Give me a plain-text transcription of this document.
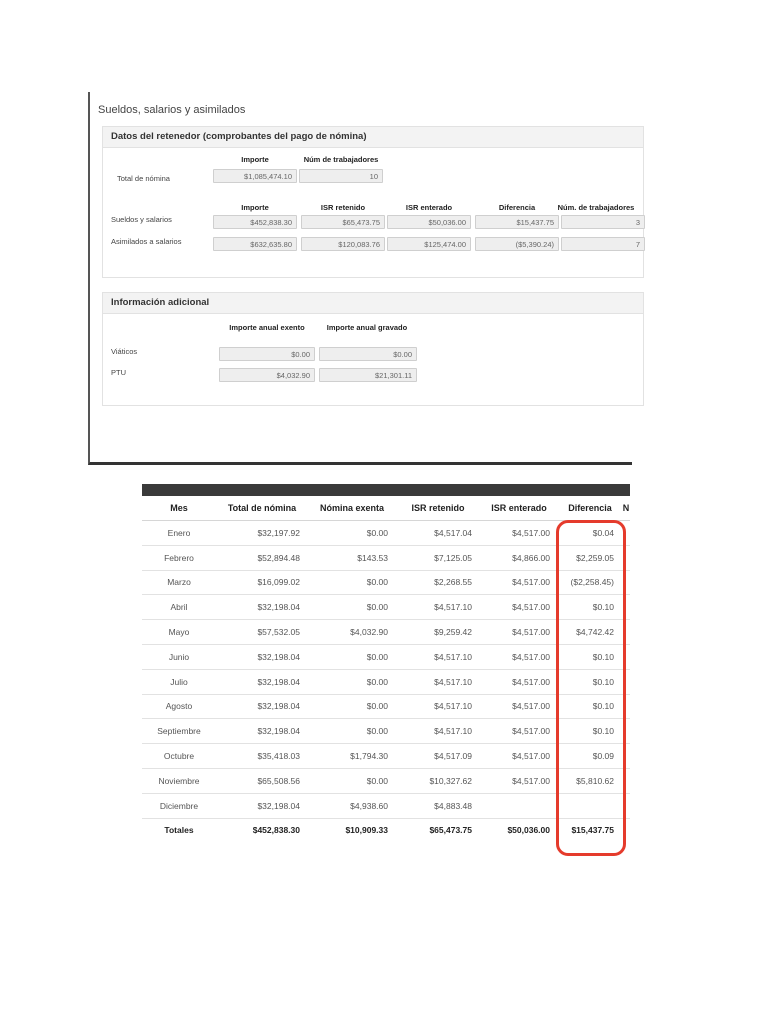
Sueldos, salarios y asimilados
Datos del retenedor (comprobantes del pago de nómina)
Importe	Núm de trabajadores
Total de nómina	$1,085,474.10	10
Importe	ISR retenido	ISR enterado	Diferencia	Núm. de trabajadores
Sueldos y salarios	$452,838.30	$65,473.75	$50,036.00	$15,437.75	3
Asimilados a salarios	$632,635.80	$120,083.76	$125,474.00	($5,390.24)	7
Información adicional
Importe anual exento	Importe anual gravado
Viáticos	$0.00	$0.00
PTU	$4,032.90	$21,301.11
Mes	Total de nómina	Nómina exenta	ISR retenido	ISR enterado	Diferencia	N
Enero	$32,197.92	$0.00	$4,517.04	$4,517.00	$0.04	
Febrero	$52,894.48	$143.53	$7,125.05	$4,866.00	$2,259.05	
Marzo	$16,099.02	$0.00	$2,268.55	$4,517.00	($2,258.45)	
Abril	$32,198.04	$0.00	$4,517.10	$4,517.00	$0.10	
Mayo	$57,532.05	$4,032.90	$9,259.42	$4,517.00	$4,742.42	
Junio	$32,198.04	$0.00	$4,517.10	$4,517.00	$0.10	
Julio	$32,198.04	$0.00	$4,517.10	$4,517.00	$0.10	
Agosto	$32,198.04	$0.00	$4,517.10	$4,517.00	$0.10	
Septiembre	$32,198.04	$0.00	$4,517.10	$4,517.00	$0.10	
Octubre	$35,418.03	$1,794.30	$4,517.09	$4,517.00	$0.09	
Noviembre	$65,508.56	$0.00	$10,327.62	$4,517.00	$5,810.62	
Diciembre	$32,198.04	$4,938.60	$4,883.48			
Totales	$452,838.30	$10,909.33	$65,473.75	$50,036.00	$15,437.75	
